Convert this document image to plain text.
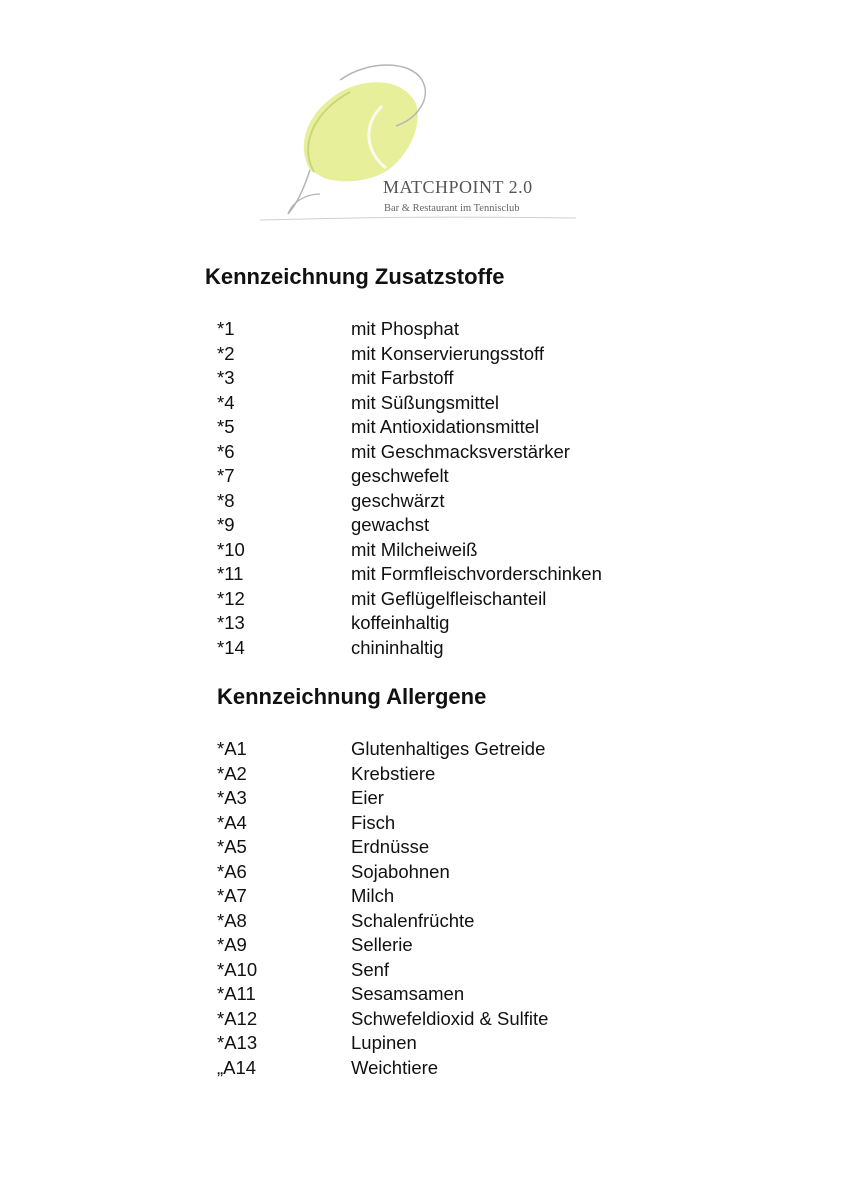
MATCHPOINT 2.0
Bar & Restaurant im Tennisclub
Kennzeichnung Zusatzstoffe
*1	mit Phosphat
*2	mit Konservierungsstoff
*3	mit Farbstoff
*4	mit Süßungsmittel
*5	mit Antioxidationsmittel
*6	mit Geschmacksverstärker
*7	geschwefelt
*8	geschwärzt
*9	gewachst
*10	mit Milcheiweiß
*11	mit Formfleischvorderschinken
*12	mit Geflügelfleischanteil
*13	koffeinhaltig
*14	chininhaltig
Kennzeichnung Allergene
*A1	Glutenhaltiges Getreide
*A2	Krebstiere
*A3	Eier
*A4	Fisch
*A5	Erdnüsse
*A6	Sojabohnen
*A7	Milch
*A8	Schalenfrüchte
*A9	Sellerie
*A10	Senf
*A11	Sesamsamen
*A12	Schwefeldioxid & Sulfite
*A13	Lupinen
„A14	Weichtiere
